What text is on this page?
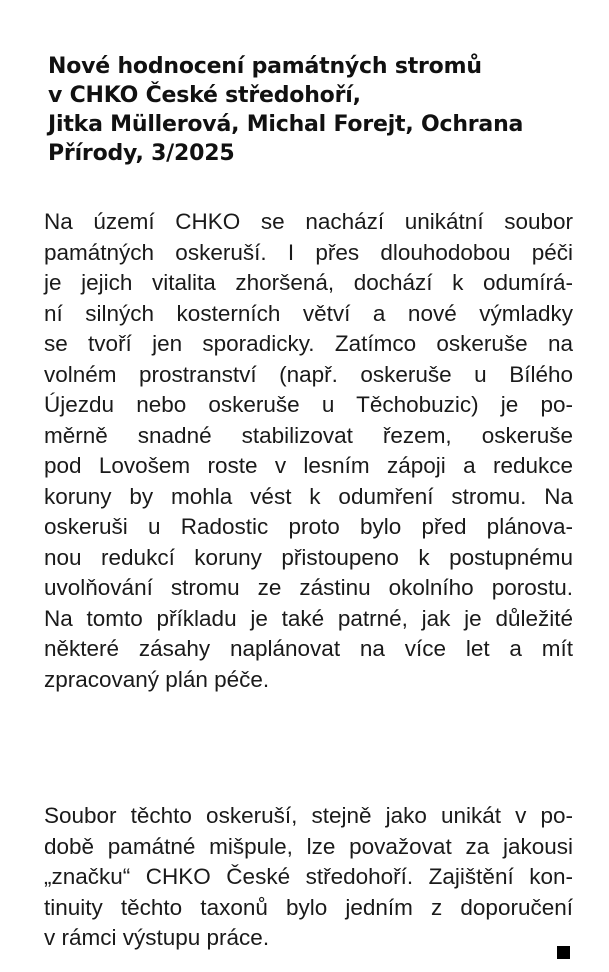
Nové hodnocení památných stromů
v CHKO České středohoří,
Jitka Müllerová, Michal Forejt, Ochrana
Přírody, 3/2025
Na území CHKO se nachází unikátní soubor
památných oskeruší. I přes dlouhodobou péči
je jejich vitalita zhoršená, dochází k odumírá-
ní silných kosterních větví a nové výmladky
se tvoří jen sporadicky. Zatímco oskeruše na
volném prostranství (např. oskeruše u Bílého
Újezdu nebo oskeruše u Těchobuzic) je po-
měrně snadné stabilizovat řezem, oskeruše
pod Lovošem roste v lesním zápoji a redukce
koruny by mohla vést k odumření stromu. Na
oskeruši u Radostic proto bylo před plánova-
nou redukcí koruny přistoupeno k postupnému
uvolňování stromu ze zástinu okolního porostu.
Na tomto příkladu je také patrné, jak je důležité
některé zásahy naplánovat na více let a mít
zpracovaný plán péče.
Soubor těchto oskeruší, stejně jako unikát v po-
době památné mišpule, lze považovat za jakousi
„značku“ CHKO České středohoří. Zajištění kon-
tinuity těchto taxonů bylo jedním z doporučení
v rámci výstupu práce.
